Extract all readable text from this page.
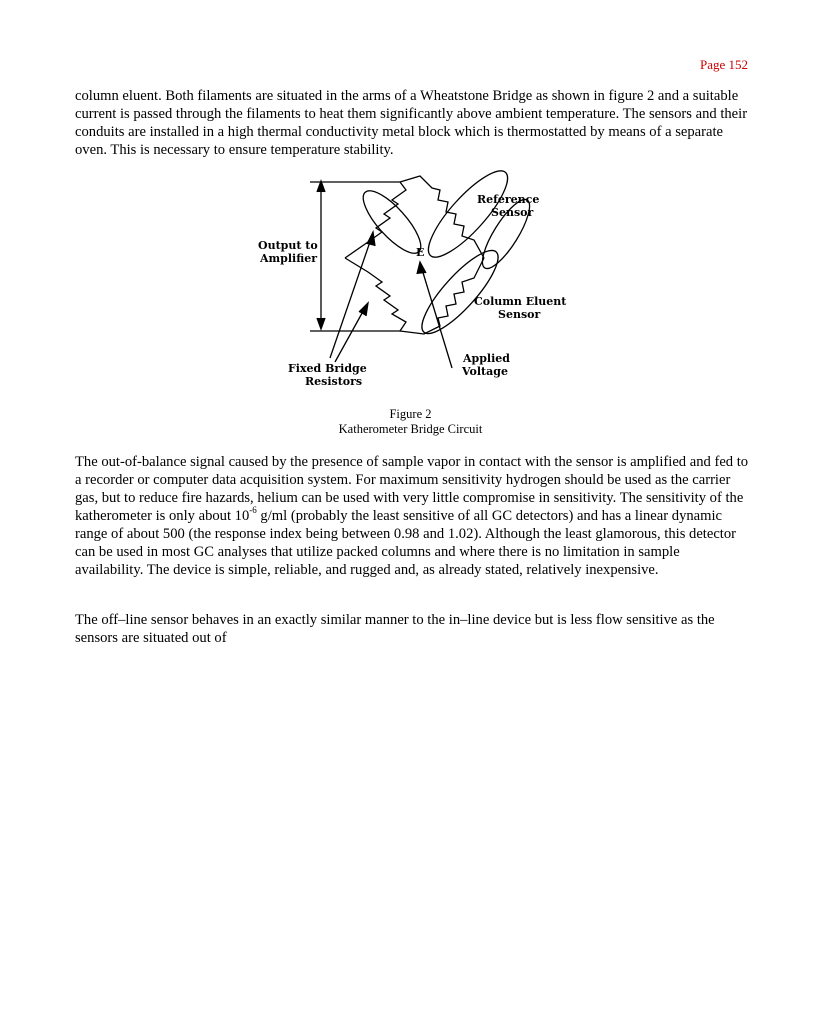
Page 152

column eluent. Both filaments are situated in the arms of a Wheatstone Bridge as shown in figure 2 and a suitable current is passed through the filaments to heat them significantly above ambient temperature. The sensors and their conduits are installed in a high thermal conductivity metal block which is thermostatted by means of a separate oven. This is necessary to ensure temperature stability.

E
Output to
Amplifier
Reference
Sensor
Column Eluent
Sensor
Fixed Bridge
Resistors
Applied
Voltage
Figure 2
Katherometer Bridge Circuit

The out-of-balance signal caused by the presence of sample vapor in contact with the sensor is amplified and fed to a recorder or computer data acquisition system. For maximum sensitivity hydrogen should be used as the carrier gas, but to reduce fire hazards, helium can be used with very little compromise in sensitivity. The sensitivity of the katherometer is only about $10^{-6}$ g/ml (probably the least sensitive of all GC detectors) and has a linear dynamic range of about 500 (the response index being between 0.98 and 1.02). Although the least glamorous, this detector can be used in most GC analyses that utilize packed columns and where there is no limitation in sample availability. The device is simple, reliable, and rugged and, as already stated, relatively inexpensive.

The off–line sensor behaves in an exactly similar manner to the in–line device but is less flow sensitive as the sensors are situated out of
